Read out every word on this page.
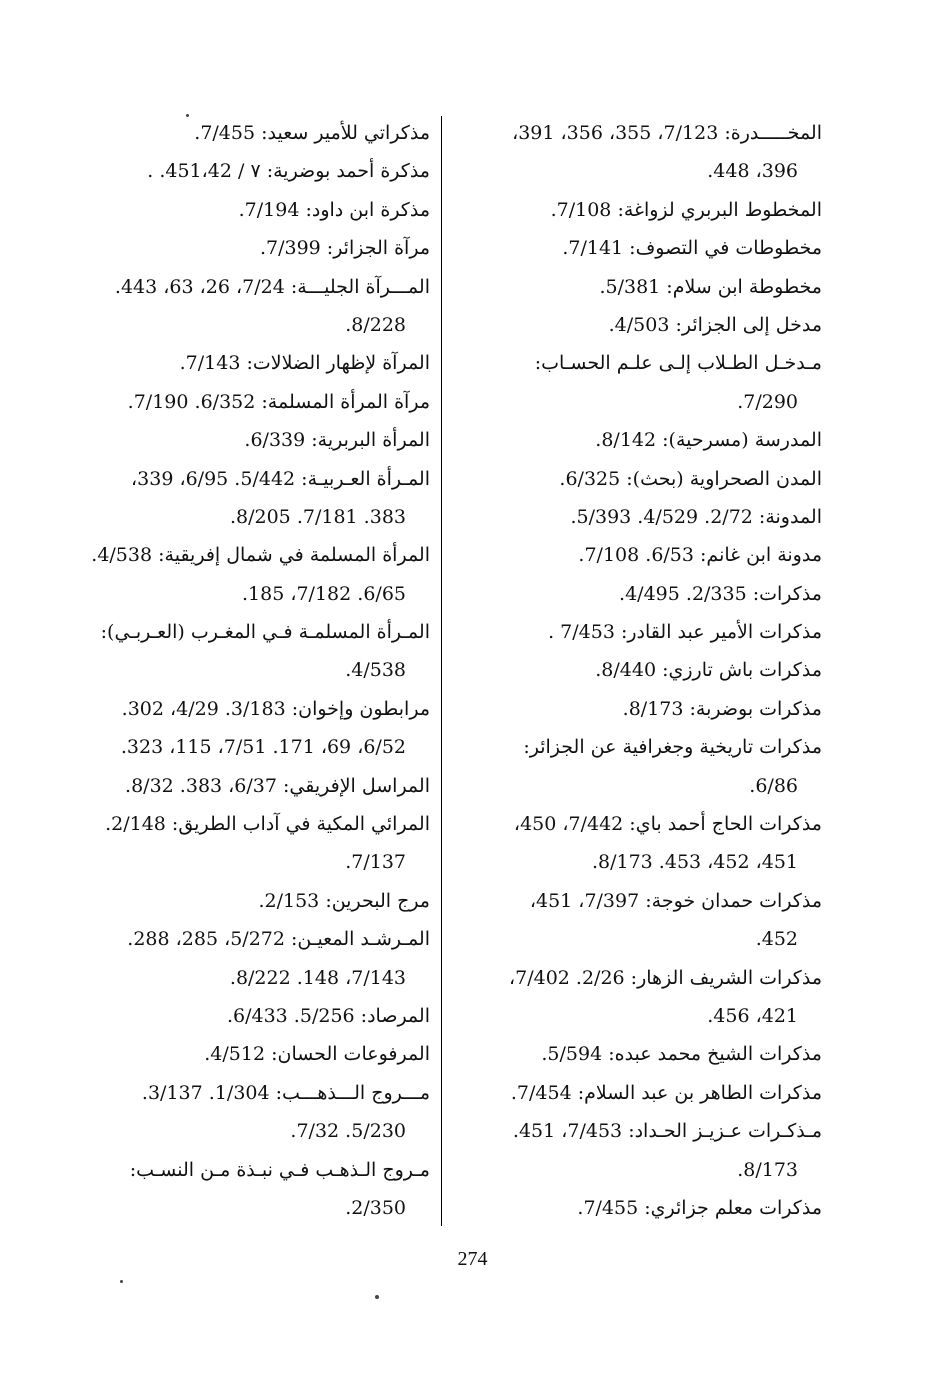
المخـــــدرة: 7/123، 355، 356، 391،
396، 448.
المخطوط البربري لزواغة: 7/108.
مخطوطات في التصوف: 7/141.
مخطوطة ابن سلام: 5/381.
مدخل إلى الجزائر: 4/503.
مـدخـل الطـلاب إلـى علـم الحسـاب:
7/290.
المدرسة (مسرحية): 8/142.
المدن الصحراوية (بحث): 6/325.
المدونة: 2/72. 4/529. 5/393.
مدونة ابن غانم: 6/53. 7/108.
مذكرات: 2/335. 4/495.
مذكرات الأمير عبد القادر: 7/453 .
مذكرات باش تارزي: 8/440.
مذكرات بوضربة: 8/173.
مذكرات تاريخية وجغرافية عن الجزائر:
6/86.
مذكرات الحاج أحمد باي: 7/442، 450،
451، 452، 453. 8/173.
مذكرات حمدان خوجة: 7/397، 451،
452.
مذكرات الشريف الزهار: 2/26. 7/402،
421، 456.
مذكرات الشيخ محمد عبده: 5/594.
مذكرات الطاهر بن عبد السلام: 7/454.
مـذكـرات عـزيـز الحـداد: 7/453، 451.
8/173.
مذكرات معلم جزائري: 7/455.
مذكراتي للأمير سعيد: 7/455.
مذكرة أحمد بوضرية: ٧ / 451،42. .
مذكرة ابن داود: 7/194.
مرآة الجزائر: 7/399.
المـــرآة الجليـــة: 7/24، 26، 63، 443.
8/228.
المرآة لإظهار الضلالات: 7/143.
مرآة المرأة المسلمة: 6/352. 7/190.
المرأة البربرية: 6/339.
المـرأة العـربيـة: 5/442. 6/95، 339،
383. 7/181. 8/205.
المرأة المسلمة في شمال إفريقية: 4/538.
6/65. 7/182، 185.
المـرأة المسلمـة فـي المغـرب (العـربـي):
4/538.
مرابطون وإخوان: 3/183. 4/29، 302.
6/52، 69، 171. 7/51، 115، 323.
المراسل الإفريقي: 6/37، 383. 8/32.
المرائي المكية في آداب الطريق: 2/148.
7/137.
مرج البحرين: 2/153.
المـرشـد المعيـن: 5/272، 285، 288.
7/143، 148. 8/222.
المرصاد: 5/256. 6/433.
المرفوعات الحسان: 4/512.
مـــروج الـــذهـــب: 1/304. 3/137.
5/230. 7/32.
مـروج الـذهـب فـي نبـذة مـن النسـب:
2/350.
274
